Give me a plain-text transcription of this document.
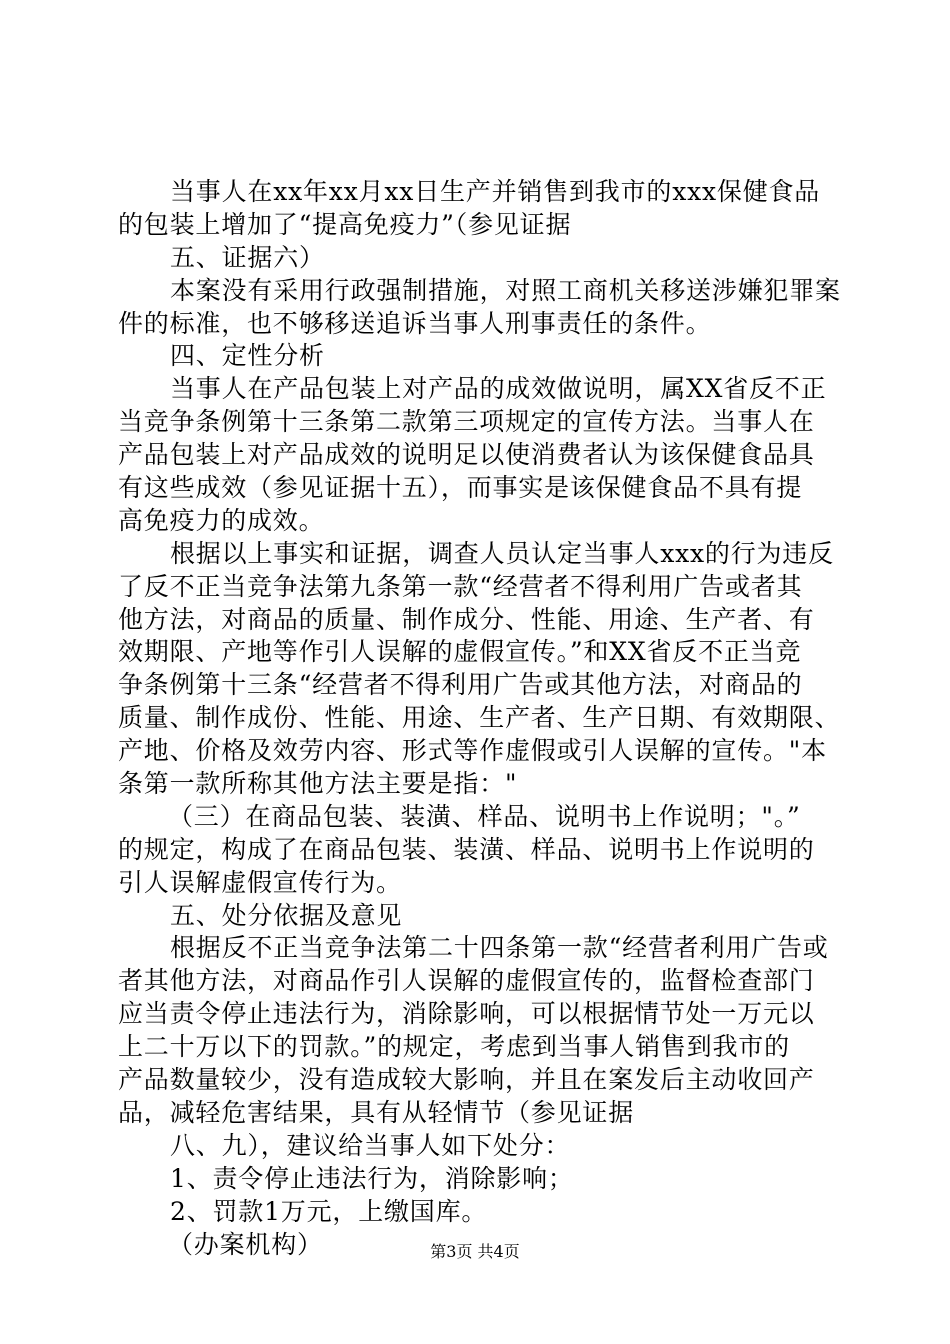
当事人在xx年xx月xx日生产并销售到我市的xxx保健食品
的包装上增加了“提高免疫力”（参见证据
五、证据六）
本案没有采用行政强制措施，对照工商机关移送涉嫌犯罪案
件的标准，也不够移送追诉当事人刑事责任的条件。
四、定性分析
当事人在产品包装上对产品的成效做说明，属XX省反不正
当竞争条例第十三条第二款第三项规定的宣传方法。当事人在
产品包装上对产品成效的说明足以使消费者认为该保健食品具
有这些成效（参见证据十五），而事实是该保健食品不具有提
高免疫力的成效。
根据以上事实和证据，调查人员认定当事人xxx的行为违反
了反不正当竞争法第九条第一款“经营者不得利用广告或者其
他方法，对商品的质量、制作成分、性能、用途、生产者、有
效期限、产地等作引人误解的虚假宣传。”和XX省反不正当竞
争条例第十三条“经营者不得利用广告或其他方法，对商品的
质量、制作成份、性能、用途、生产者、生产日期、有效期限、
产地、价格及效劳内容、形式等作虚假或引人误解的宣传。"本
条第一款所称其他方法主要是指："
（三）在商品包装、装潢、样品、说明书上作说明；"。”
的规定，构成了在商品包装、装潢、样品、说明书上作说明的
引人误解虚假宣传行为。
五、处分依据及意见
根据反不正当竞争法第二十四条第一款“经营者利用广告或
者其他方法，对商品作引人误解的虚假宣传的，监督检查部门
应当责令停止违法行为，消除影响，可以根据情节处一万元以
上二十万以下的罚款。”的规定，考虑到当事人销售到我市的
产品数量较少，没有造成较大影响，并且在案发后主动收回产
品，减轻危害结果，具有从轻情节（参见证据
八、九），建议给当事人如下处分：
1、责令停止违法行为，消除影响；
2、罚款1万元，上缴国库。
（办案机构）	第3页 共4页
